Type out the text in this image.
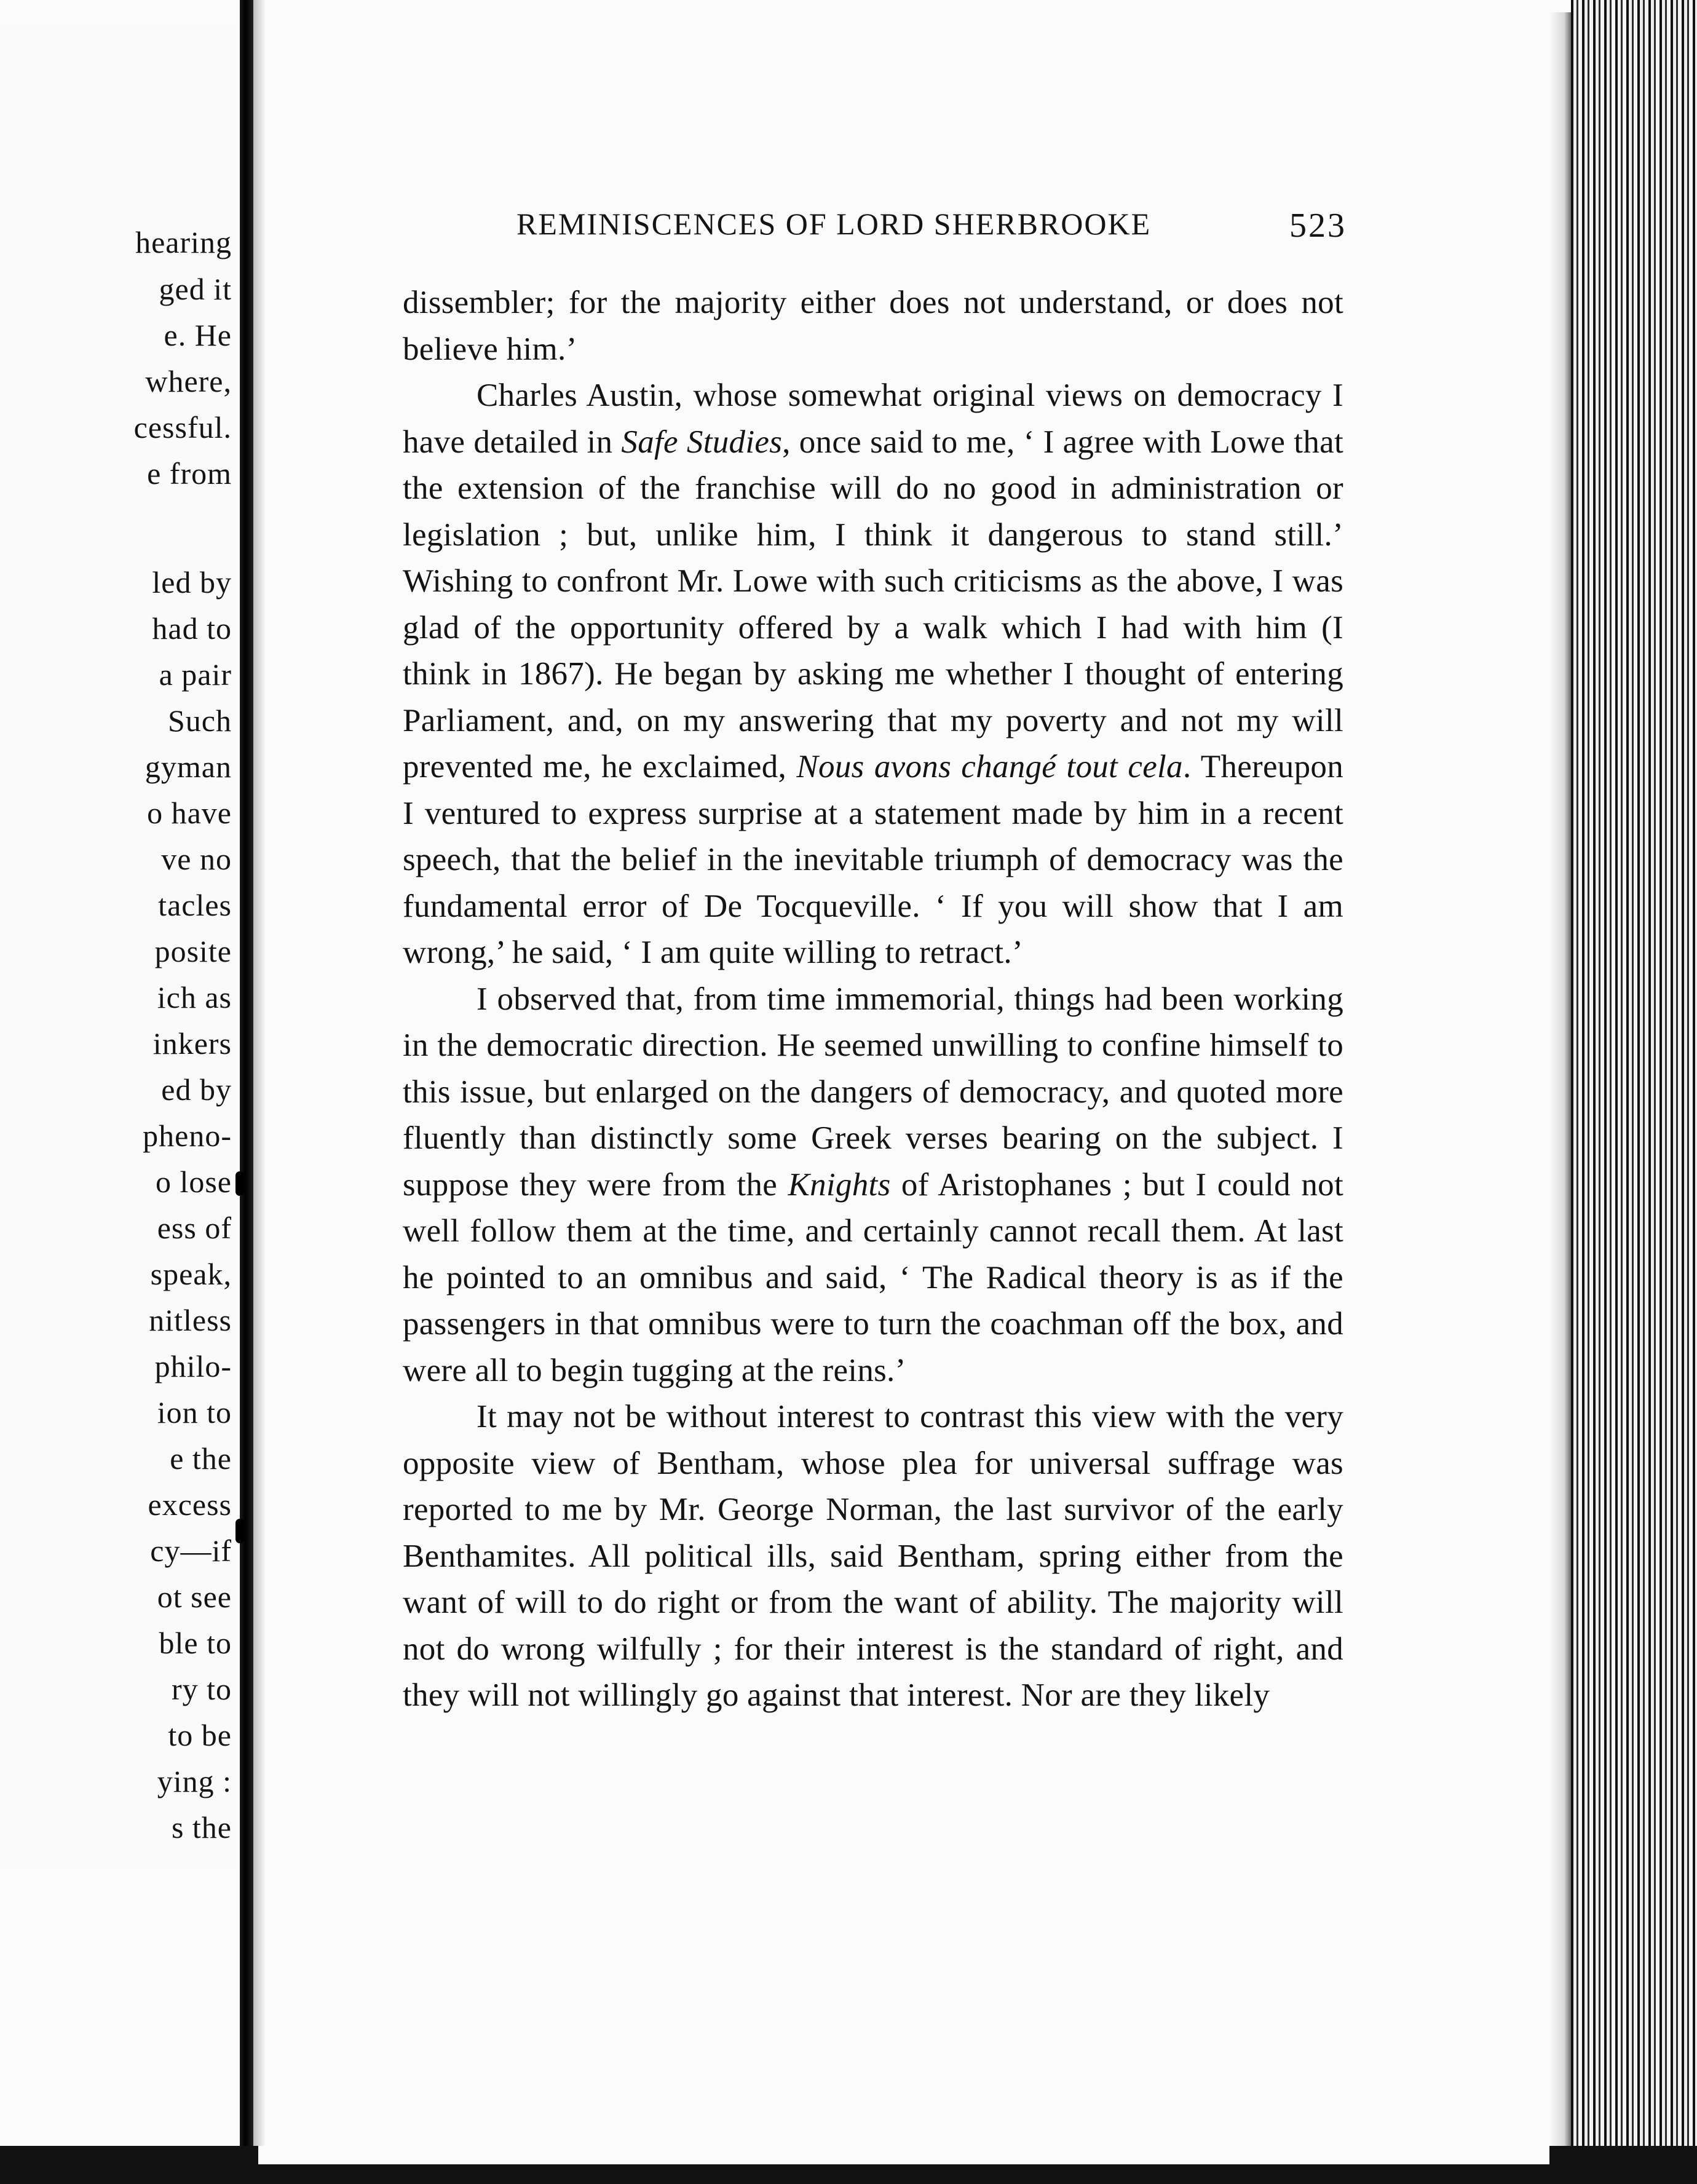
hearing
ged it
e. He
where,
cessful.
e from
led by
had to
a pair
Such
gyman
o have
ve no
tacles
posite
ich as
inkers
ed by
pheno-
o lose
ess of
speak,
nitless
philo-
ion to
e the
excess
cy—if
ot see
ble to
ry to
to be
ying :
s the
REMINISCENCES OF LORD SHERBROOKE	523

dissembler; for the majority either does not understand, or does not believe him.’

Charles Austin, whose somewhat original views on democracy I have detailed in Safe Studies, once said to me, ‘ I agree with Lowe that the extension of the franchise will do no good in administration or legislation ; but, unlike him, I think it dangerous to stand still.’ Wishing to confront Mr. Lowe with such criticisms as the above, I was glad of the opportunity offered by a walk which I had with him (I think in 1867). He began by asking me whether I thought of entering Parliament, and, on my answering that my poverty and not my will prevented me, he exclaimed, Nous avons changé tout cela. Thereupon I ventured to express surprise at a statement made by him in a recent speech, that the belief in the inevitable triumph of democracy was the fundamental error of De Tocqueville. ‘ If you will show that I am wrong,’ he said, ‘ I am quite willing to retract.’

I observed that, from time immemorial, things had been working in the democratic direction. He seemed unwilling to confine himself to this issue, but enlarged on the dangers of democracy, and quoted more fluently than distinctly some Greek verses bearing on the subject. I suppose they were from the Knights of Aristophanes ; but I could not well follow them at the time, and certainly cannot recall them. At last he pointed to an omnibus and said, ‘ The Radical theory is as if the passengers in that omnibus were to turn the coachman off the box, and were all to begin tugging at the reins.’

It may not be without interest to contrast this view with the very opposite view of Bentham, whose plea for universal suffrage was reported to me by Mr. George Norman, the last survivor of the early Benthamites. All political ills, said Bentham, spring either from the want of will to do right or from the want of ability. The majority will not do wrong wilfully ; for their interest is the standard of right, and they will not willingly go against that interest. Nor are they likely
